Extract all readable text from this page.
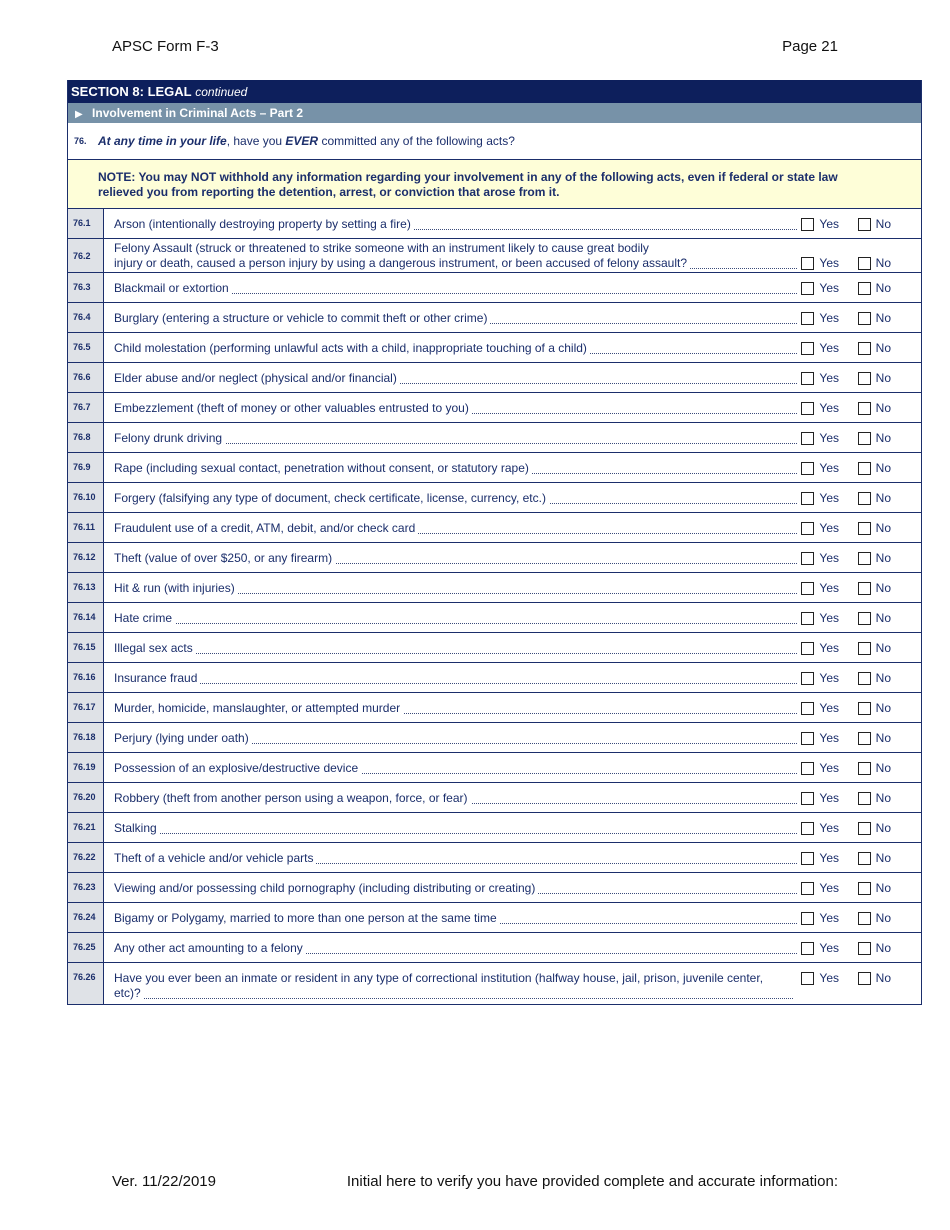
APSC Form F-3	Page 21
SECTION 8: LEGAL continued
▶ Involvement in Criminal Acts – Part 2
76. At any time in your life, have you EVER committed any of the following acts?
NOTE: You may NOT withhold any information regarding your involvement in any of the following acts, even if federal or state law relieved you from reporting the detention, arrest, or conviction that arose from it.
76.1	Arson (intentionally destroying property by setting a fire)	Yes	No
76.2
Felony Assault (struck or threatened to strike someone with an instrument likely to cause great bodily
injury or death, caused a person injury by using a dangerous instrument, or been accused of felony assault?	Yes	No
76.3	Blackmail or extortion	Yes	No
76.4	Burglary (entering a structure or vehicle to commit theft or other crime)	Yes	No
76.5	Child molestation (performing unlawful acts with a child, inappropriate touching of a child)	Yes	No
76.6	Elder abuse and/or neglect (physical and/or financial)	Yes	No
76.7	Embezzlement (theft of money or other valuables entrusted to you)	Yes	No
76.8	Felony drunk driving	Yes	No
76.9	Rape (including sexual contact, penetration without consent, or statutory rape)	Yes	No
76.10	Forgery (falsifying any type of document, check certificate, license, currency, etc.)	Yes	No
76.11	Fraudulent use of a credit, ATM, debit, and/or check card	Yes	No
76.12	Theft (value of over $250, or any firearm)	Yes	No
76.13	Hit & run (with injuries)	Yes	No
76.14	Hate crime	Yes	No
76.15	Illegal sex acts	Yes	No
76.16	Insurance fraud	Yes	No
76.17	Murder, homicide, manslaughter, or attempted murder	Yes	No
76.18	Perjury (lying under oath)	Yes	No
76.19	Possession of an explosive/destructive device	Yes	No
76.20	Robbery (theft from another person using a weapon, force, or fear)	Yes	No
76.21	Stalking	Yes	No
76.22	Theft of a vehicle and/or vehicle parts	Yes	No
76.23	Viewing and/or possessing child pornography (including distributing or creating)	Yes	No
76.24	Bigamy or Polygamy, married to more than one person at the same time	Yes	No
76.25	Any other act amounting to a felony	Yes	No
76.26	Have you ever been an inmate or resident in any type of correctional institution (halfway house, jail, prison, juvenile center,
etc)?
Yes	No
Ver. 11/22/2019	Initial here to verify you have provided complete and accurate information:
